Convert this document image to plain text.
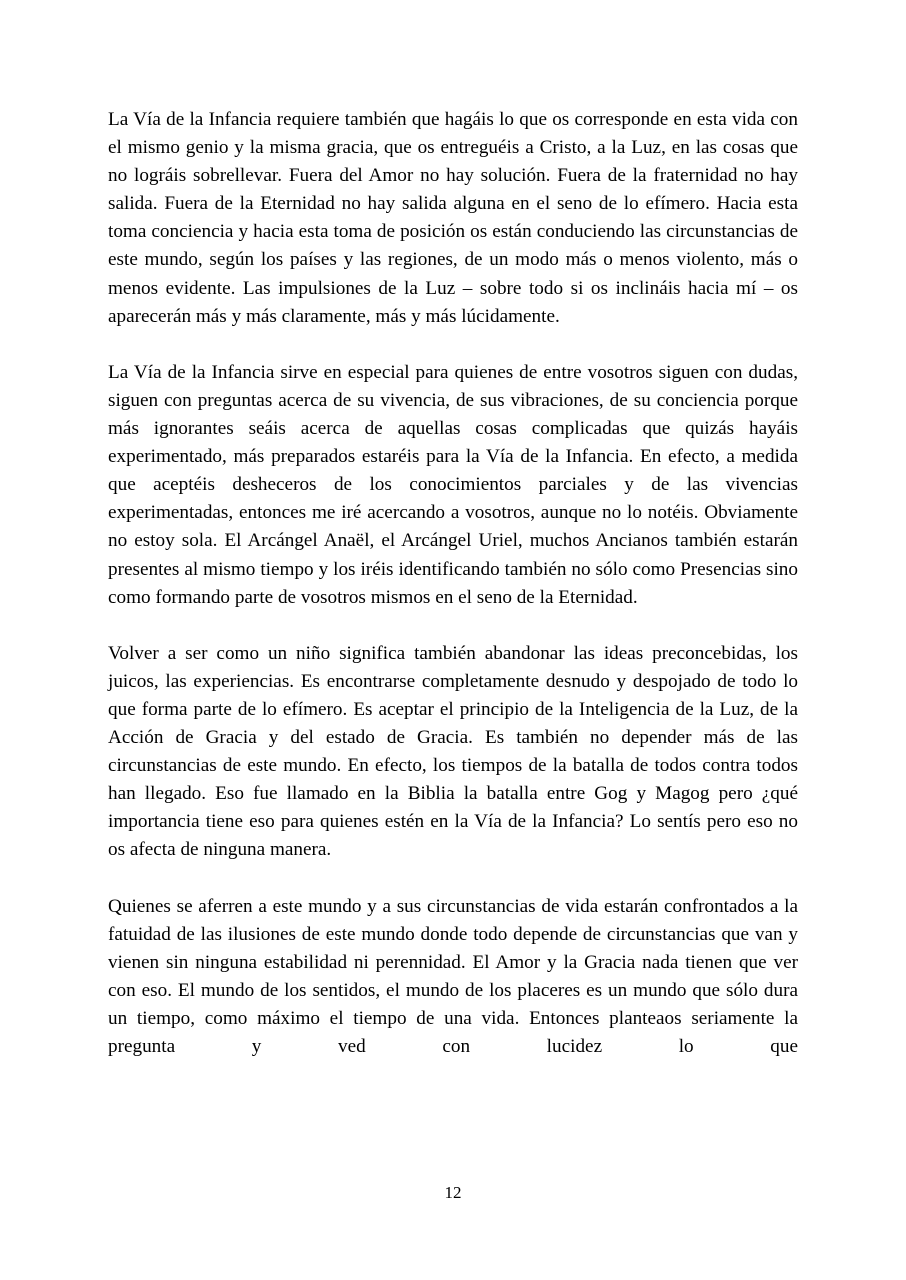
La Vía de la Infancia requiere también que hagáis lo que os corresponde en esta vida con el mismo genio y la misma gracia, que os entreguéis a Cristo, a la Luz, en las cosas que no lográis sobrellevar. Fuera del Amor no hay solución. Fuera de la fraternidad no hay salida. Fuera de la Eternidad no hay salida alguna en el seno de lo efímero. Hacia esta toma conciencia y hacia esta toma de posición os están conduciendo las circunstancias de este mundo, según los países y las regiones, de un modo más o menos violento, más o menos evidente. Las impulsiones de la Luz – sobre todo si os inclináis hacia mí – os aparecerán más y más claramente, más y más lúcidamente.

La Vía de la Infancia sirve en especial para quienes de entre vosotros siguen con dudas, siguen con preguntas acerca de su vivencia, de sus vibraciones, de su conciencia porque más ignorantes seáis acerca de aquellas cosas complicadas que quizás hayáis experimentado, más preparados estaréis para la Vía de la Infancia. En efecto, a medida que aceptéis desheceros de los conocimientos parciales y de las vivencias experimentadas, entonces me iré acercando a vosotros, aunque no lo notéis. Obviamente no estoy sola. El Arcángel Anaël, el Arcángel Uriel, muchos Ancianos también estarán presentes al mismo tiempo y los iréis identificando también no sólo como Presencias sino como formando parte de vosotros mismos en el seno de la Eternidad.

Volver a ser como un niño significa también abandonar las ideas preconcebidas, los juicos, las experiencias. Es encontrarse completamente desnudo y despojado de todo lo que forma parte de lo efímero. Es aceptar el principio de la Inteligencia de la Luz, de la Acción de Gracia y del estado de Gracia. Es también no depender más de las circunstancias de este mundo. En efecto, los tiempos de la batalla de todos contra todos han llegado. Eso fue llamado en la Biblia la batalla entre Gog y Magog pero ¿qué importancia tiene eso para quienes estén en la Vía de la Infancia? Lo sentís pero eso no os afecta de ninguna manera.

Quienes se aferren a este mundo y a sus circunstancias de vida estarán confrontados a la fatuidad de las ilusiones de este mundo donde todo depende de circunstancias que van y vienen sin ninguna estabilidad ni perennidad. El Amor y la Gracia nada tienen que ver con eso. El mundo de los sentidos, el mundo de los placeres es un mundo que sólo dura un tiempo, como máximo el tiempo de una vida. Entonces planteaos seriamente la pregunta y ved con lucidez lo que

12
